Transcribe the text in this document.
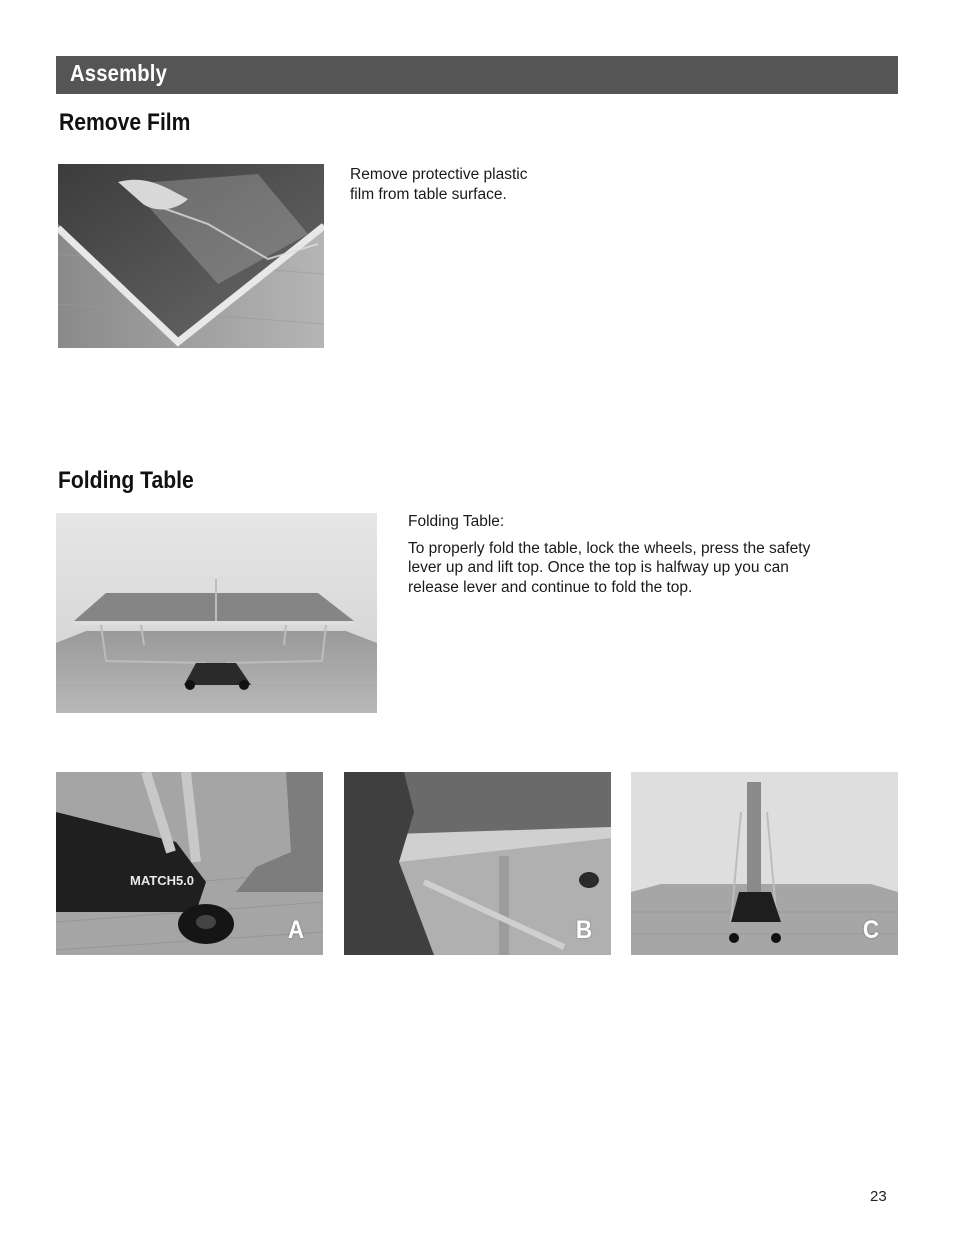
Assembly
Remove Film
Remove protective plastic
film from table surface.
Folding Table

Folding Table:

To properly fold the table, lock the wheels, press the safety
lever up and lift top. Once the top is halfway up you can
release lever and continue to fold the top.
MATCH5.0
A	B	C
23
